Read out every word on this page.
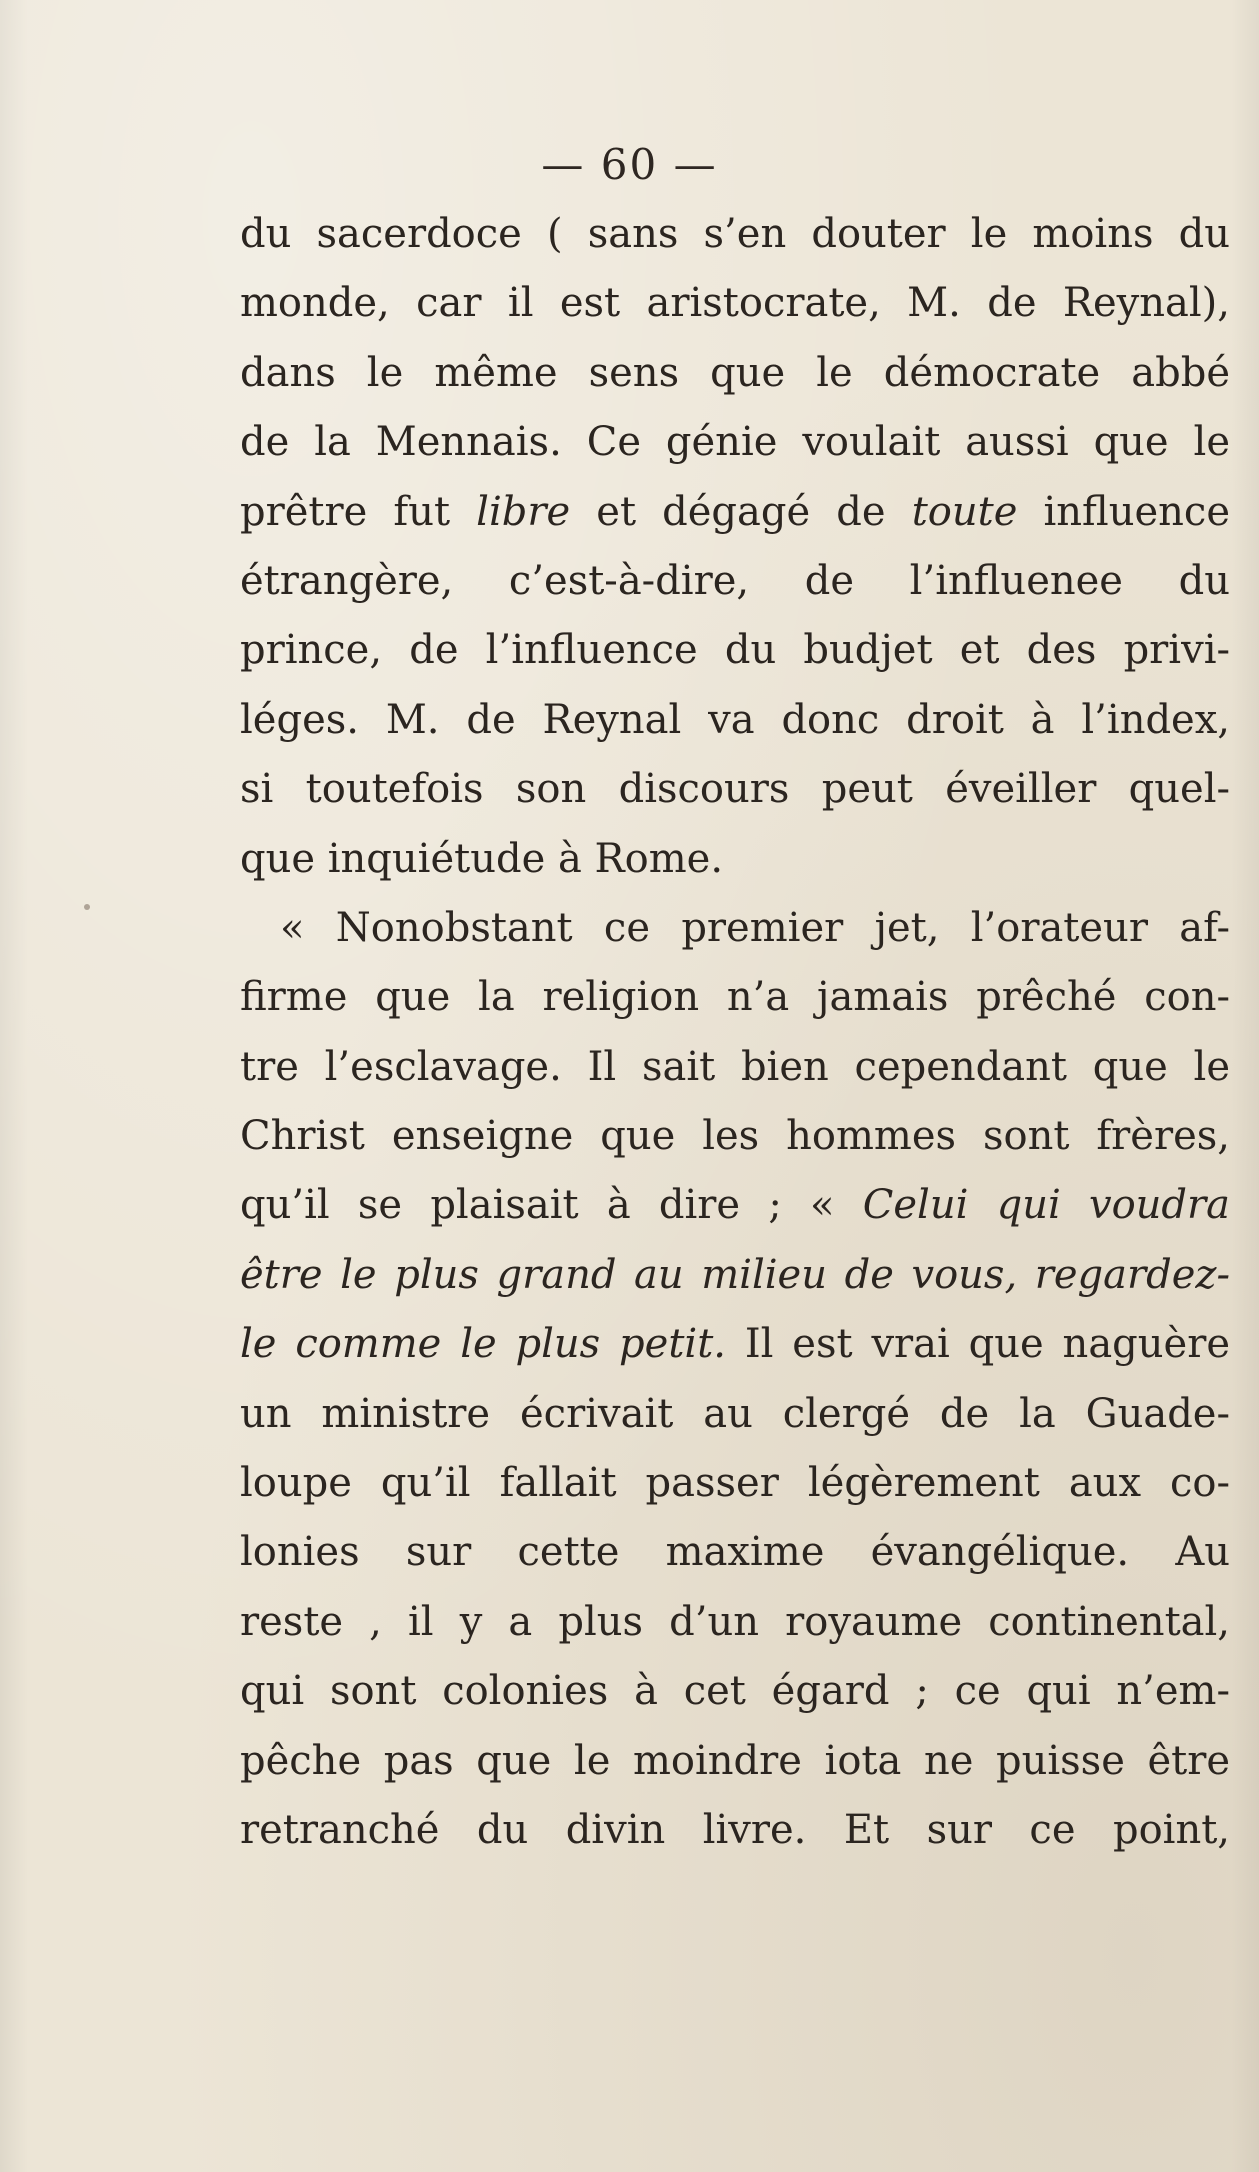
— 60 —
du sacerdoce ( sans s’en douter le moins du
monde, car il est aristocrate, M. de Reynal),
dans le même sens que le démocrate abbé
de la Mennais. Ce génie voulait aussi que le
prêtre fut libre et dégagé de toute influence
étrangère, c’est-à-dire, de l’influenee du
prince, de l’influence du budjet et des privi-
léges. M. de Reynal va donc droit à l’index,
si toutefois son discours peut éveiller quel-
que inquiétude à Rome.
« Nonobstant ce premier jet, l’orateur af-
firme que la religion n’a jamais prêché con-
tre l’esclavage. Il sait bien cependant que le
Christ enseigne que les hommes sont frères,
qu’il se plaisait à dire ; « Celui qui voudra
être le plus grand au milieu de vous, regardez-
le comme le plus petit. Il est vrai que naguère
un ministre écrivait au clergé de la Guade-
loupe qu’il fallait passer légèrement aux co-
lonies sur cette maxime évangélique. Au
reste , il y a plus d’un royaume continental,
qui sont colonies à cet égard ; ce qui n’em-
pêche pas que le moindre iota ne puisse être
retranché du divin livre. Et sur ce point,
